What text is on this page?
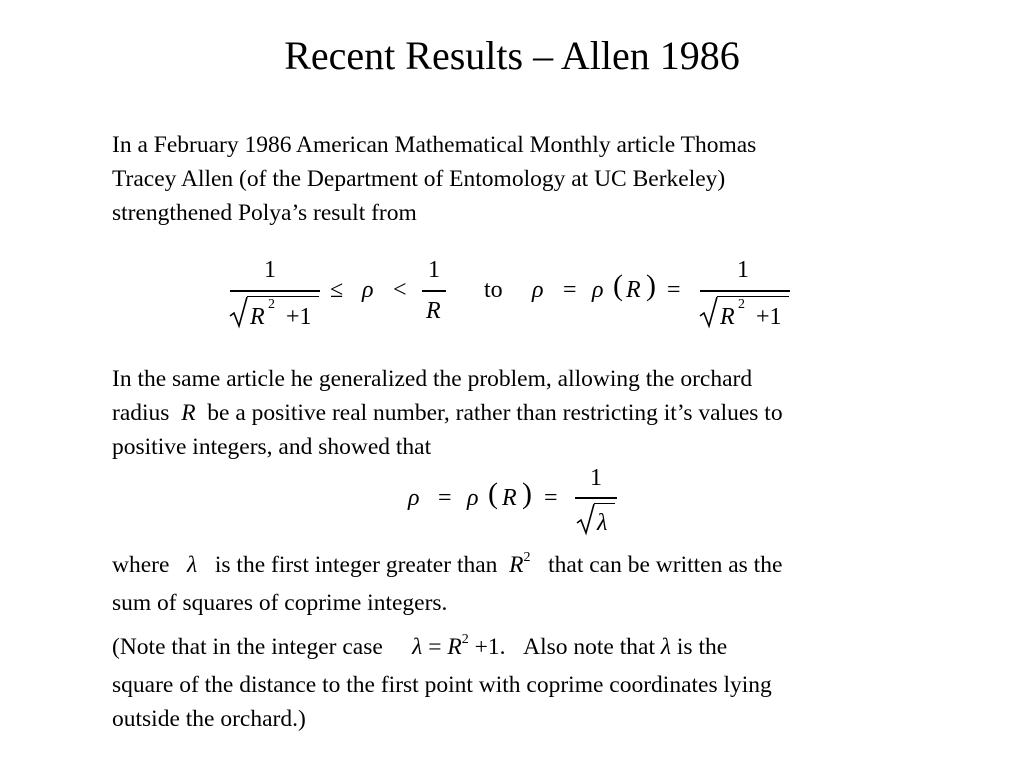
Recent Results – Allen 1986
In a February 1986 American Mathematical Monthly article Thomas
Tracey Allen (of the Department of Entomology at UC Berkeley)
strengthened Polya’s result from
1
R 2 +1
≤ ρ <
1
R
to ρ = ρ ( R ) =
1
R 2 +1
In the same article he generalized the problem, allowing the orchard
radius R be a positive real number, rather than restricting it’s values to
positive integers, and showed that
ρ = ρ ( R ) =
1
λ
where λ is the first integer greater than $R^2$ that can be written as the
sum of squares of coprime integers.
(Note that in the integer case $\lambda = R^2 +1$. Also note that λ is the
square of the distance to the first point with coprime coordinates lying
outside the orchard.)
